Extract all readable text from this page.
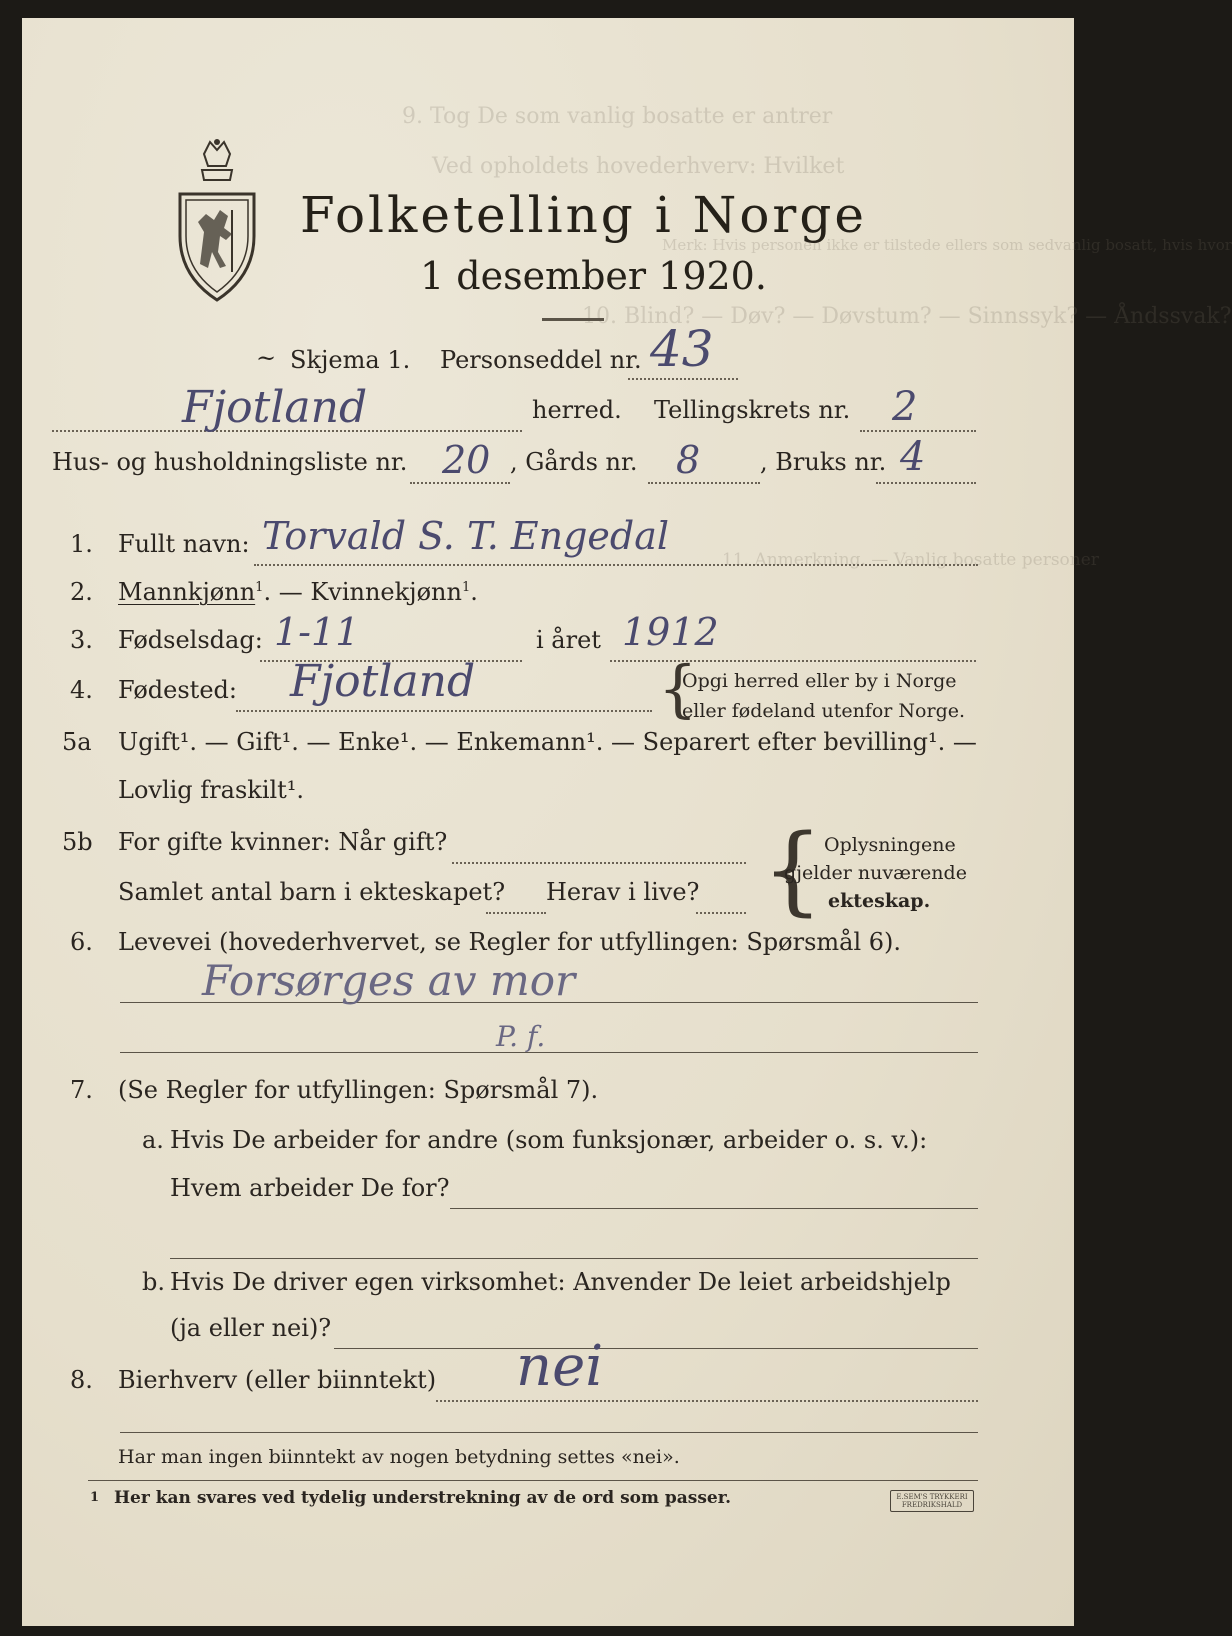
9. Tog De som vanlig bosatte er antrer
Ved opholdets hovederhverv: Hvilket
Merk: Hvis personen ikke er tilstede ellers som sedvanlig bosatt, hvis hvor
10. Blind? — Døv? — Døvstum? — Sinnssyk? — Åndssvak?
11. Anmerkning. — Vanlig bosatte personer
Folketelling i Norge
1 desember 1920.
~ Skjema 1. Personseddel nr. 43
Fjotland	herred. Tellingskrets nr. 2
Hus- og husholdningsliste nr. 20 , Gårds nr. 8 , Bruks nr. 4
1. Fullt navn: Torvald S. T. Engedal
2. Mannkjønn$^1$. — Kvinnekjønn$^1$.
3. Fødselsdag: 1-11	i året 1912
4. Fødested: Fjotland	{
Opgi herred eller by i Norge
eller fødeland utenfor Norge.
5a Ugift¹. — Gift¹. — Enke¹. — Enkemann¹. — Separert efter bevilling¹. —
Lovlig fraskilt¹.
5b For gifte kvinner: Når gift?
Samlet antal barn i ekteskapet? Herav i live? { Oplysningene
gjelder nuværende
ekteskap.
6. Levevei (hovederhvervet, se Regler for utfyllingen: Spørsmål 6).
Forsørges av mor
P. f.
7. (Se Regler for utfyllingen: Spørsmål 7).
a. Hvis De arbeider for andre (som funksjonær, arbeider o. s. v.):
Hvem arbeider De for?
b. Hvis De driver egen virksomhet: Anvender De leiet arbeidshjelp
(ja eller nei)?
8. Bierhverv (eller biinntekt) nei
Har man ingen biinntekt av nogen betydning settes «nei».
1 Her kan svares ved tydelig understrekning av de ord som passer.	E.SEM'S TRYKKERI
FREDRIKSHALD
